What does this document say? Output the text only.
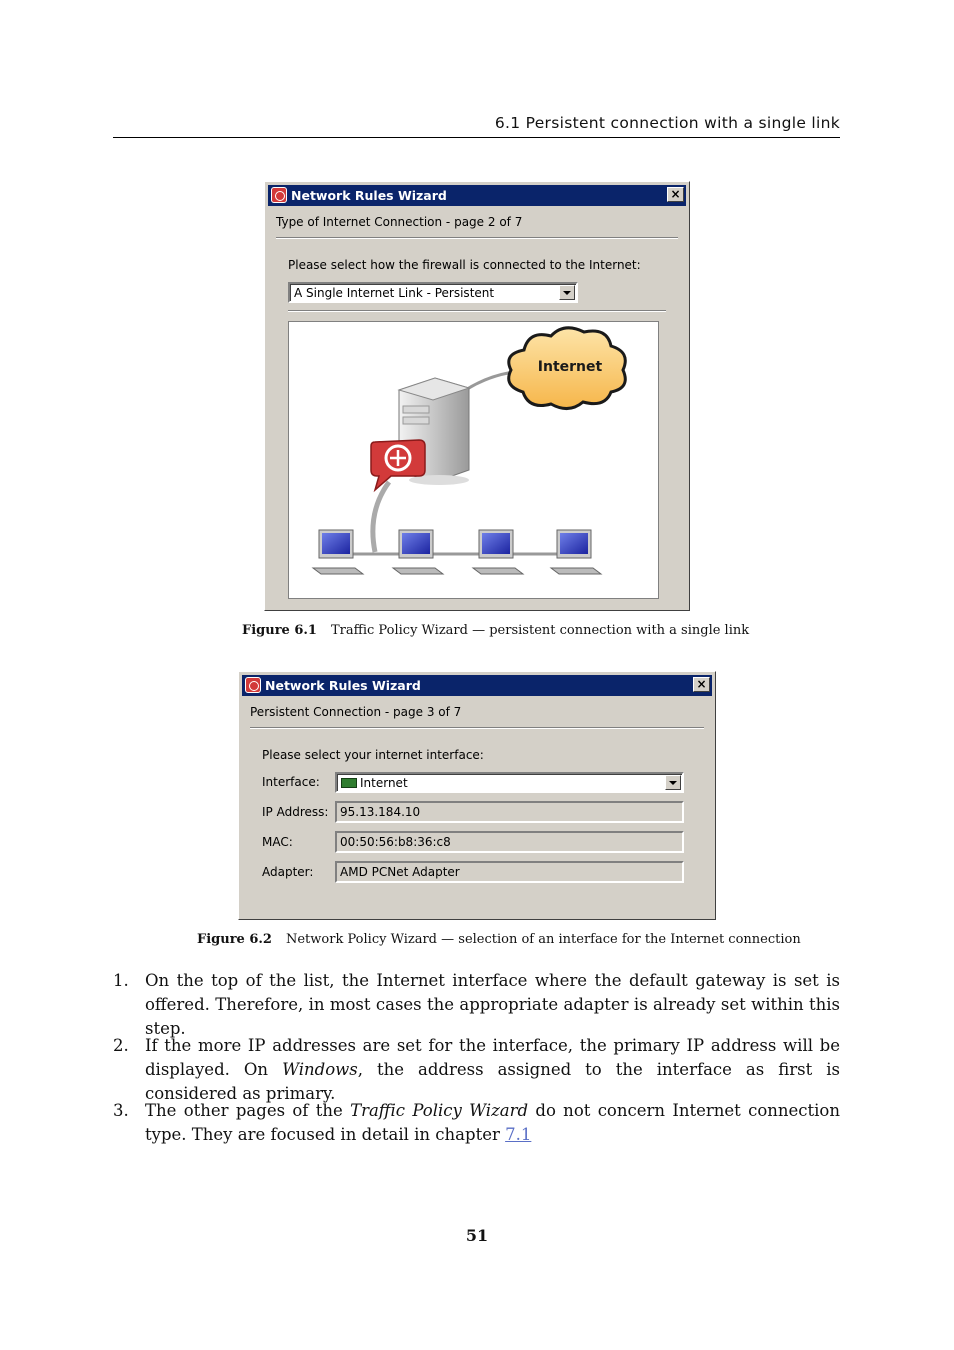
6.1 Persistent connection with a single link
Network Rules Wizard	×
Type of Internet Connection - page 2 of 7
Please select how the firewall is connected to the Internet:
A Single Internet Link - Persistent
Internet
Figure 6.1 Traffic Policy Wizard — persistent connection with a single link
Network Rules Wizard	×
Persistent Connection - page 3 of 7
Please select your internet interface:
Interface:	Internet
IP Address: 95.13.184.10
MAC:	00:50:56:b8:36:c8
Adapter: AMD PCNet Adapter
Figure 6.2 Network Policy Wizard — selection of an interface for the Internet connection
1. On the top of the list, the Internet interface where the default gateway is set is offered. Therefore, in most cases the appropriate adapter is already set within this step.
2. If the more IP addresses are set for the interface, the primary IP address will be displayed. On Windows, the address assigned to the interface as first is considered as primary.
3. The other pages of the Traffic Policy Wizard do not concern Internet connection type. They are focused in detail in chapter 7.1
51
